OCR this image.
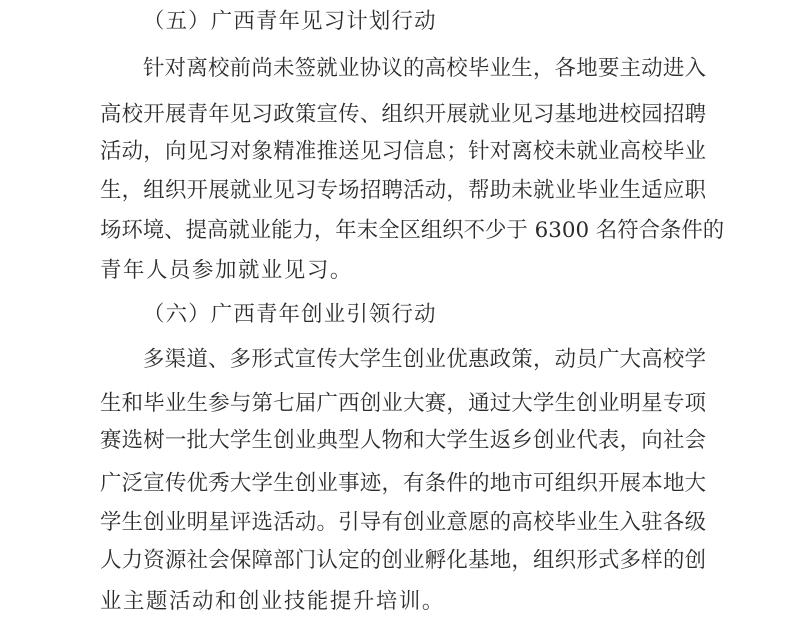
（五）广西青年见习计划行动
针对离校前尚未签就业协议的高校毕业生，各地要主动进入
高校开展青年见习政策宣传、组织开展就业见习基地进校园招聘
活动，向见习对象精准推送见习信息；针对离校未就业高校毕业
生，组织开展就业见习专场招聘活动，帮助未就业毕业生适应职
场环境、提高就业能力，年末全区组织不少于 6300 名符合条件的
青年人员参加就业见习。
（六）广西青年创业引领行动
多渠道、多形式宣传大学生创业优惠政策，动员广大高校学
生和毕业生参与第七届广西创业大赛，通过大学生创业明星专项
赛选树一批大学生创业典型人物和大学生返乡创业代表，向社会
广泛宣传优秀大学生创业事迹，有条件的地市可组织开展本地大
学生创业明星评选活动。引导有创业意愿的高校毕业生入驻各级
人力资源社会保障部门认定的创业孵化基地，组织形式多样的创
业主题活动和创业技能提升培训。
